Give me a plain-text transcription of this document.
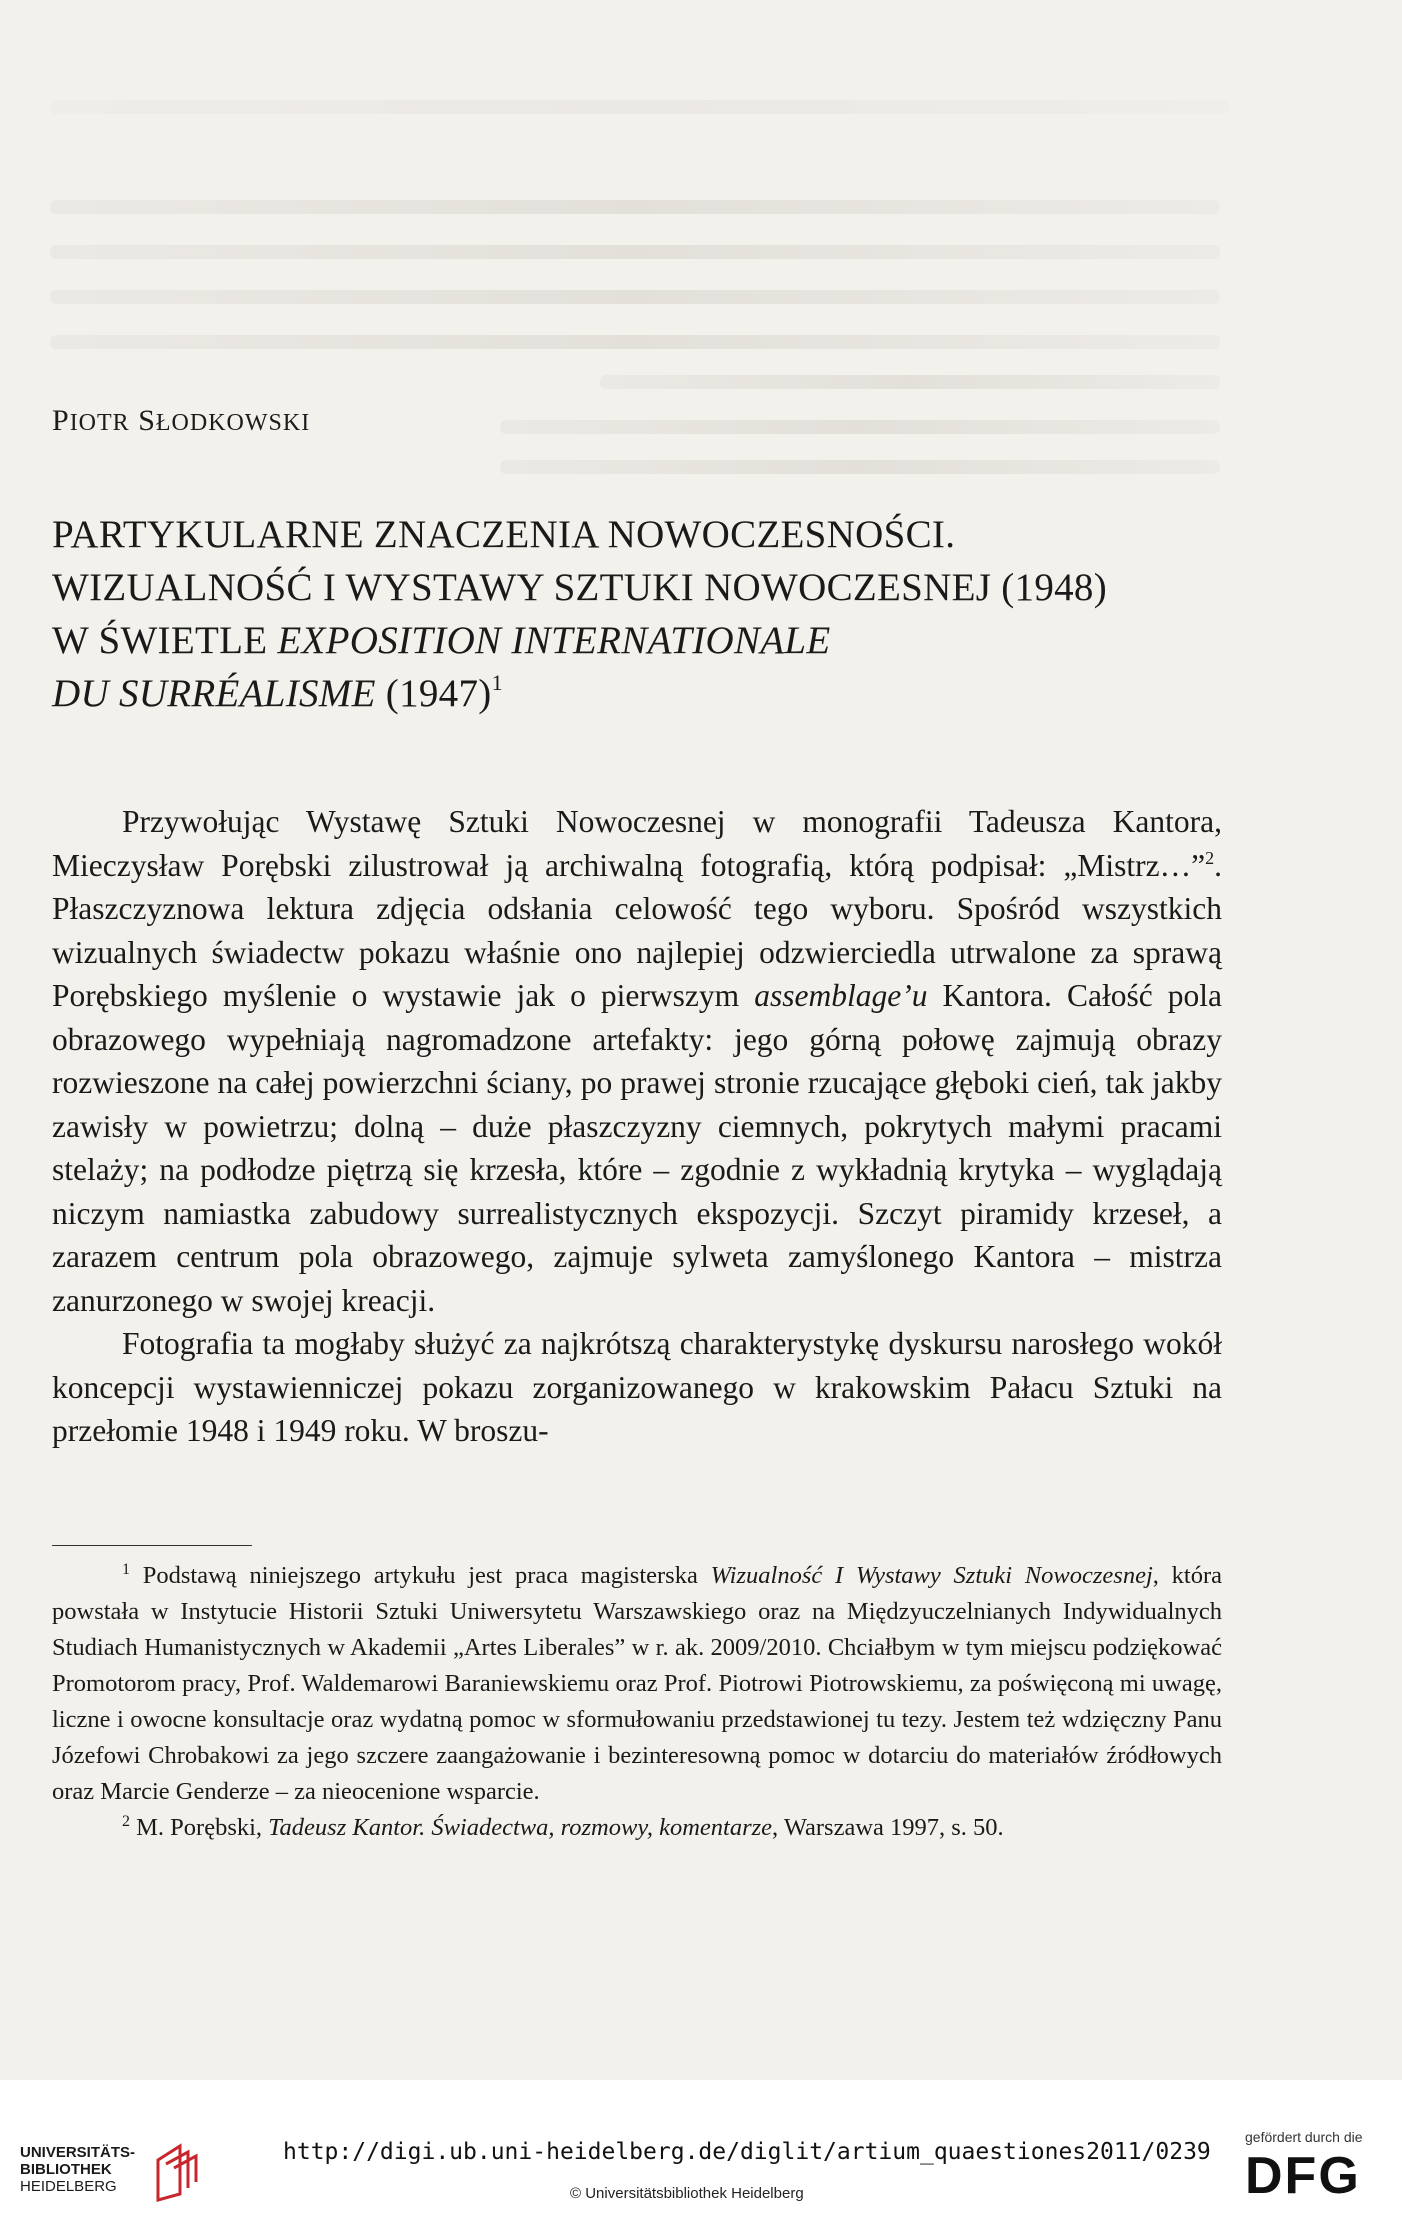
PIOTR SŁODKOWSKI
PARTYKULARNE ZNACZENIA NOWOCZESNOŚCI.
WIZUALNOŚĆ I WYSTAWY SZTUKI NOWOCZESNEJ (1948)
W ŚWIETLE EXPOSITION INTERNATIONALE
DU SURRÉALISME $(1947)^1$

Przywołując Wystawę Sztuki Nowoczesnej w monografii Tadeusza Kantora, Mieczysław Porębski zilustrował ją archiwalną fotografią, którą podpisał: „Mistrz…”$^2$. Płaszczyznowa lektura zdjęcia odsłania celowość tego wyboru. Spośród wszystkich wizualnych świadectw pokazu właśnie ono najlepiej odzwierciedla utrwalone za sprawą Porębskiego myślenie o wystawie jak o pierwszym assemblage’u Kantora. Całość pola obrazowego wypełniają nagromadzone artefakty: jego górną połowę zajmują obrazy rozwieszone na całej powierzchni ściany, po prawej stronie rzucające głęboki cień, tak jakby zawisły w powietrzu; dolną – duże płaszczyzny ciemnych, pokrytych małymi pracami stelaży; na podłodze piętrzą się krzesła, które – zgodnie z wykładnią krytyka – wyglądają niczym namiastka zabudowy surrealistycznych ekspozycji. Szczyt piramidy krzeseł, a zarazem centrum pola obrazowego, zajmuje sylweta zamyślonego Kantora – mistrza zanurzonego w swojej kreacji.

Fotografia ta mogłaby służyć za najkrótszą charakterystykę dyskursu narosłego wokół koncepcji wystawienniczej pokazu zorganizowanego w krakowskim Pałacu Sztuki na przełomie 1948 i 1949 roku. W broszu-

$^1$ Podstawą niniejszego artykułu jest praca magisterska Wizualność I Wystawy Sztuki Nowoczesnej, która powstała w Instytucie Historii Sztuki Uniwersytetu Warszawskiego oraz na Międzyuczelnianych Indywidualnych Studiach Humanistycznych w Akademii „Artes Liberales” w r. ak. 2009/2010. Chciałbym w tym miejscu podziękować Promotorom pracy, Prof. Waldemarowi Baraniewskiemu oraz Prof. Piotrowi Piotrowskiemu, za poświęconą mi uwagę, liczne i owocne konsultacje oraz wydatną pomoc w sformułowaniu przedstawionej tu tezy. Jestem też wdzięczny Panu Józefowi Chrobakowi za jego szczere zaangażowanie i bezinteresowną pomoc w dotarciu do materiałów źródłowych oraz Marcie Genderze – za nieocenione wsparcie.

$^2$ M. Porębski, Tadeusz Kantor. Świadectwa, rozmowy, komentarze, Warszawa 1997, s. 50.

UNIVERSITÄTS-
BIBLIOTHEK
HEIDELBERG
http://digi.ub.uni-heidelberg.de/diglit/artium_quaestiones2011/0239
© Universitätsbibliothek Heidelberg
gefördert durch die
DFG
